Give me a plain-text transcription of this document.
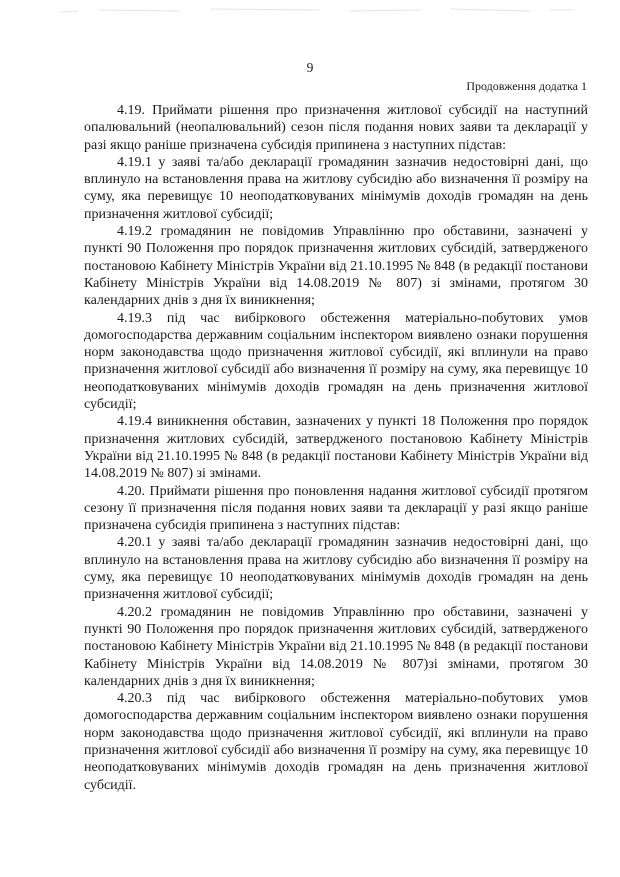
9
Продовження додатка 1

4.19. Приймати рішення про призначення житлової субсидії на наступний опалювальний (неопалювальний) сезон після подання нових заяви та декларації у разі якщо раніше призначена субсидія припинена з наступних підстав:

4.19.1 у заяві та/або декларації громадянин зазначив недостовірні дані, що вплинуло на встановлення права на житлову субсидію або визначення її розміру на суму, яка перевищує 10 неоподатковуваних мінімумів доходів громадян на день призначення житлової субсидії;

4.19.2 громадянин не повідомив Управлінню про обставини, зазначені у пункті 90 Положення про порядок призначення житлових субсидій, затвердженого постановою Кабінету Міністрів України від 21.10.1995 № 848 (в редакції постанови Кабінету Міністрів України від 14.08.2019 № 807) зі змінами, протягом 30 календарних днів з дня їх виникнення;

4.19.3 під час вибіркового обстеження матеріально-побутових умов домогосподарства державним соціальним інспектором виявлено ознаки порушення норм законодавства щодо призначення житлової субсидії, які вплинули на право призначення житлової субсидії або визначення її розміру на суму, яка перевищує 10 неоподатковуваних мінімумів доходів громадян на день призначення житлової субсидії;

4.19.4 виникнення обставин, зазначених у пункті 18 Положення про порядок призначення житлових субсидій, затвердженого постановою Кабінету Міністрів України від 21.10.1995 № 848 (в редакції постанови Кабінету Міністрів України від 14.08.2019 № 807) зі змінами.

4.20. Приймати рішення про поновлення надання житлової субсидії протягом сезону її призначення після подання нових заяви та декларації у разі якщо раніше призначена субсидія припинена з наступних підстав:

4.20.1 у заяві та/або декларації громадянин зазначив недостовірні дані, що вплинуло на встановлення права на житлову субсидію або визначення її розміру на суму, яка перевищує 10 неоподатковуваних мінімумів доходів громадян на день призначення житлової субсидії;

4.20.2 громадянин не повідомив Управлінню про обставини, зазначені у пункті 90 Положення про порядок призначення житлових субсидій, затвердженого постановою Кабінету Міністрів України від 21.10.1995 № 848 (в редакції постанови Кабінету Міністрів України від 14.08.2019 № 807)зі змінами, протягом 30 календарних днів з дня їх виникнення;

4.20.3 під час вибіркового обстеження матеріально-побутових умов домогосподарства державним соціальним інспектором виявлено ознаки порушення норм законодавства щодо призначення житлової субсидії, які вплинули на право призначення житлової субсидії або визначення її розміру на суму, яка перевищує 10 неоподатковуваних мінімумів доходів громадян на день призначення житлової субсидії.
